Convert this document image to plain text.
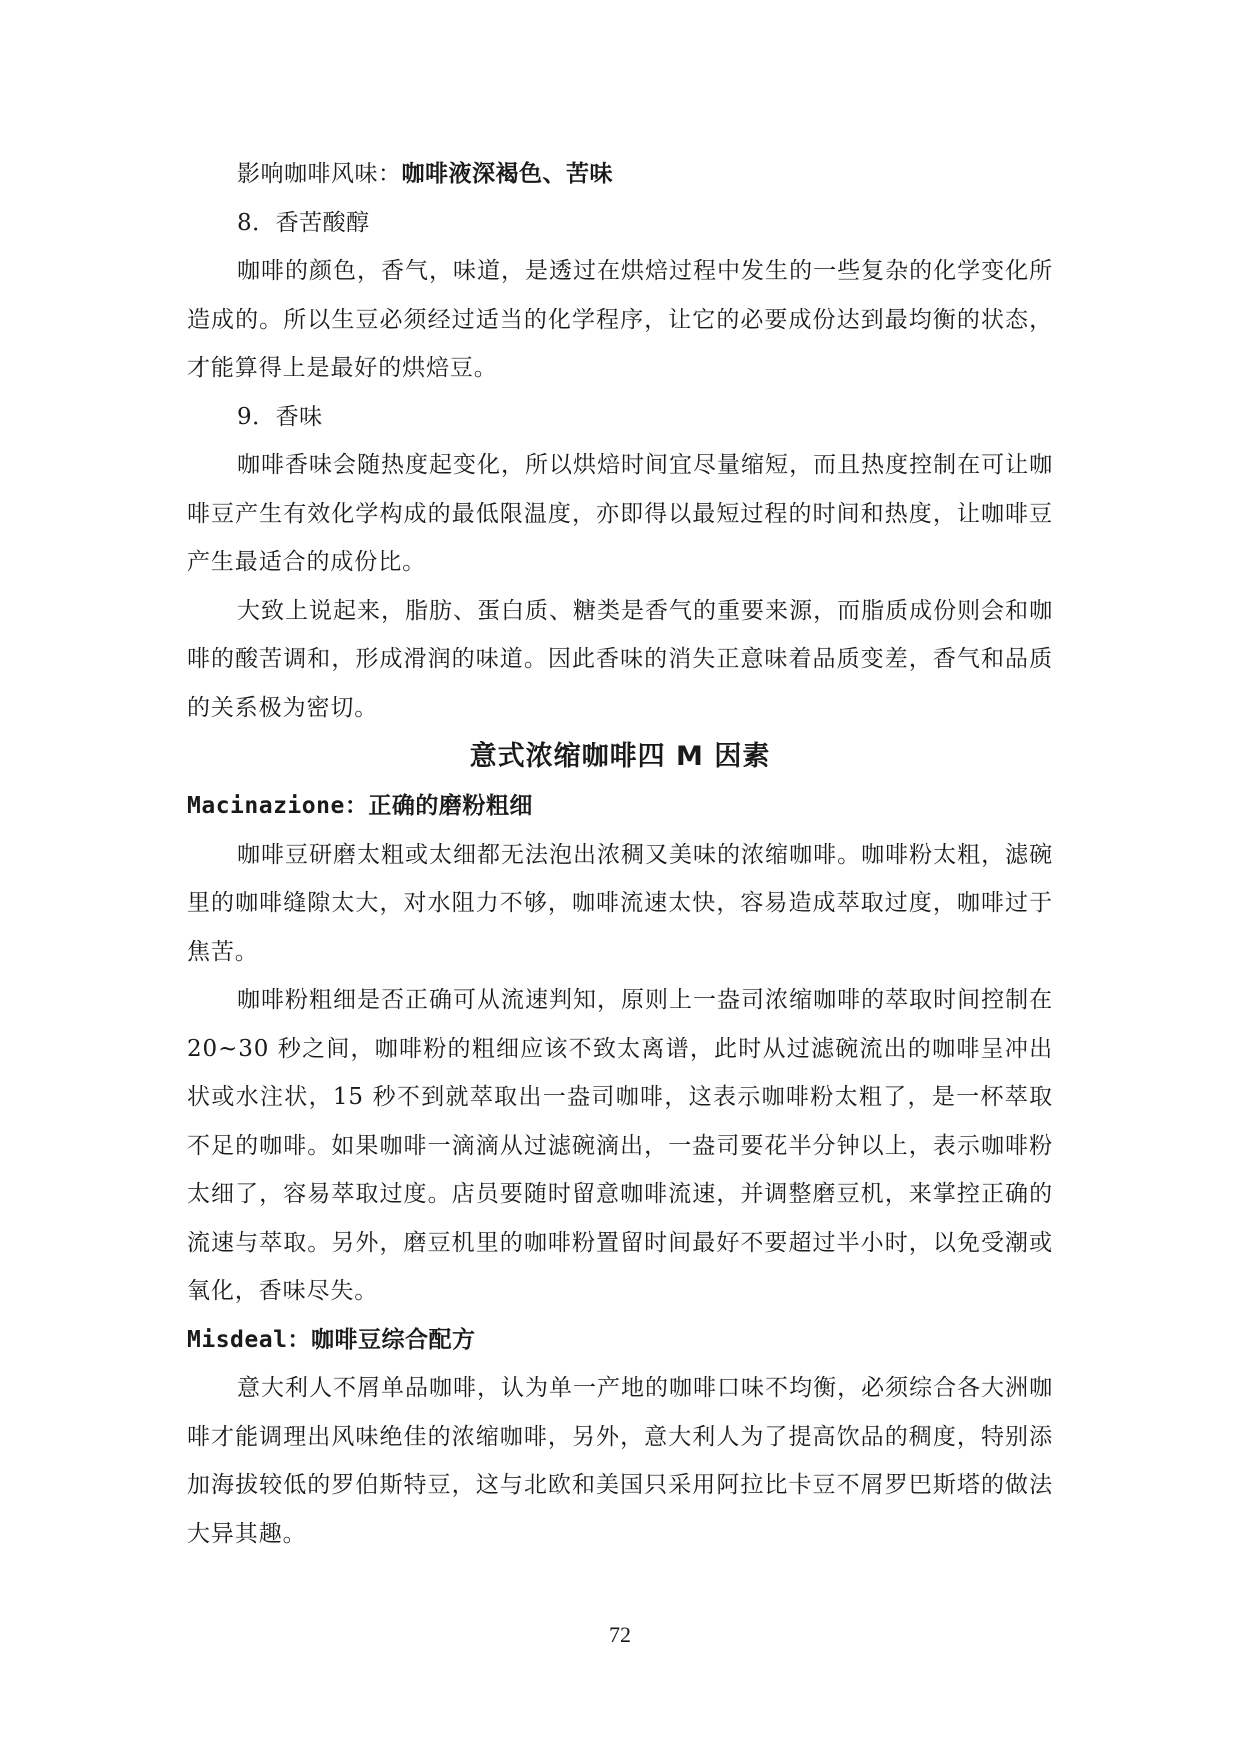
影响咖啡风味：咖啡液深褐色、苦味
8．香苦酸醇

咖啡的颜色，香气，味道，是透过在烘焙过程中发生的一些复杂的化学变化所造成的。所以生豆必须经过适当的化学程序，让它的必要成份达到最均衡的状态，才能算得上是最好的烘焙豆。

9．香味

咖啡香味会随热度起变化，所以烘焙时间宜尽量缩短，而且热度控制在可让咖啡豆产生有效化学构成的最低限温度，亦即得以最短过程的时间和热度，让咖啡豆产生最适合的成份比。

大致上说起来，脂肪、蛋白质、糖类是香气的重要来源，而脂质成份则会和咖啡的酸苦调和，形成滑润的味道。因此香味的消失正意味着品质变差，香气和品质的关系极为密切。

意式浓缩咖啡四 M 因素
Macinazione：正确的磨粉粗细

咖啡豆研磨太粗或太细都无法泡出浓稠又美味的浓缩咖啡。咖啡粉太粗，滤碗里的咖啡缝隙太大，对水阻力不够，咖啡流速太快，容易造成萃取过度，咖啡过于焦苦。

咖啡粉粗细是否正确可从流速判知，原则上一盎司浓缩咖啡的萃取时间控制在 20~30 秒之间，咖啡粉的粗细应该不致太离谱，此时从过滤碗流出的咖啡呈冲出状或水注状，15 秒不到就萃取出一盎司咖啡，这表示咖啡粉太粗了，是一杯萃取不足的咖啡。如果咖啡一滴滴从过滤碗滴出，一盎司要花半分钟以上，表示咖啡粉太细了，容易萃取过度。店员要随时留意咖啡流速，并调整磨豆机，来掌控正确的流速与萃取。另外，磨豆机里的咖啡粉置留时间最好不要超过半小时，以免受潮或氧化，香味尽失。

Misdeal：咖啡豆综合配方

意大利人不屑单品咖啡，认为单一产地的咖啡口味不均衡，必须综合各大洲咖啡才能调理出风味绝佳的浓缩咖啡，另外，意大利人为了提高饮品的稠度，特别添加海拔较低的罗伯斯特豆，这与北欧和美国只采用阿拉比卡豆不屑罗巴斯塔的做法大异其趣。

72
